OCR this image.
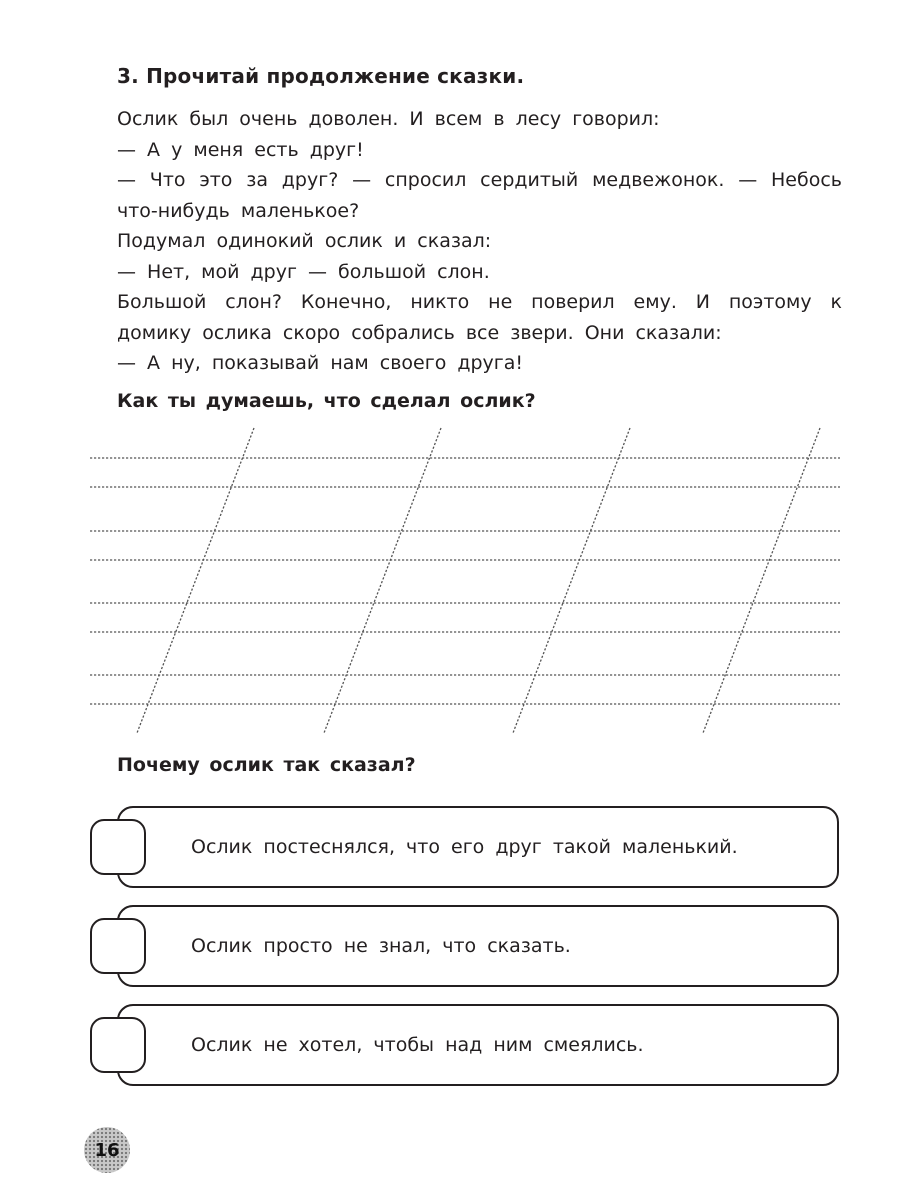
3. Прочитай продолжение сказки.

Ослик был очень доволен. И всем в лесу говорил:

— А у меня есть друг!

— Что это за друг? — спросил сердитый медвежонок. — Небось что-нибудь маленькое?

Подумал одинокий ослик и сказал:

— Нет, мой друг — большой слон.

Большой слон? Конечно, никто не поверил ему. И поэтому к домику ослика скоро собрались все звери. Они сказали:

— А ну, показывай нам своего друга!

Как ты думаешь, что сделал ослик?
Почему ослик так сказал?
Ослик постеснялся, что его друг такой маленький.
Ослик просто не знал, что сказать.
Ослик не хотел, чтобы над ним смеялись.
16
